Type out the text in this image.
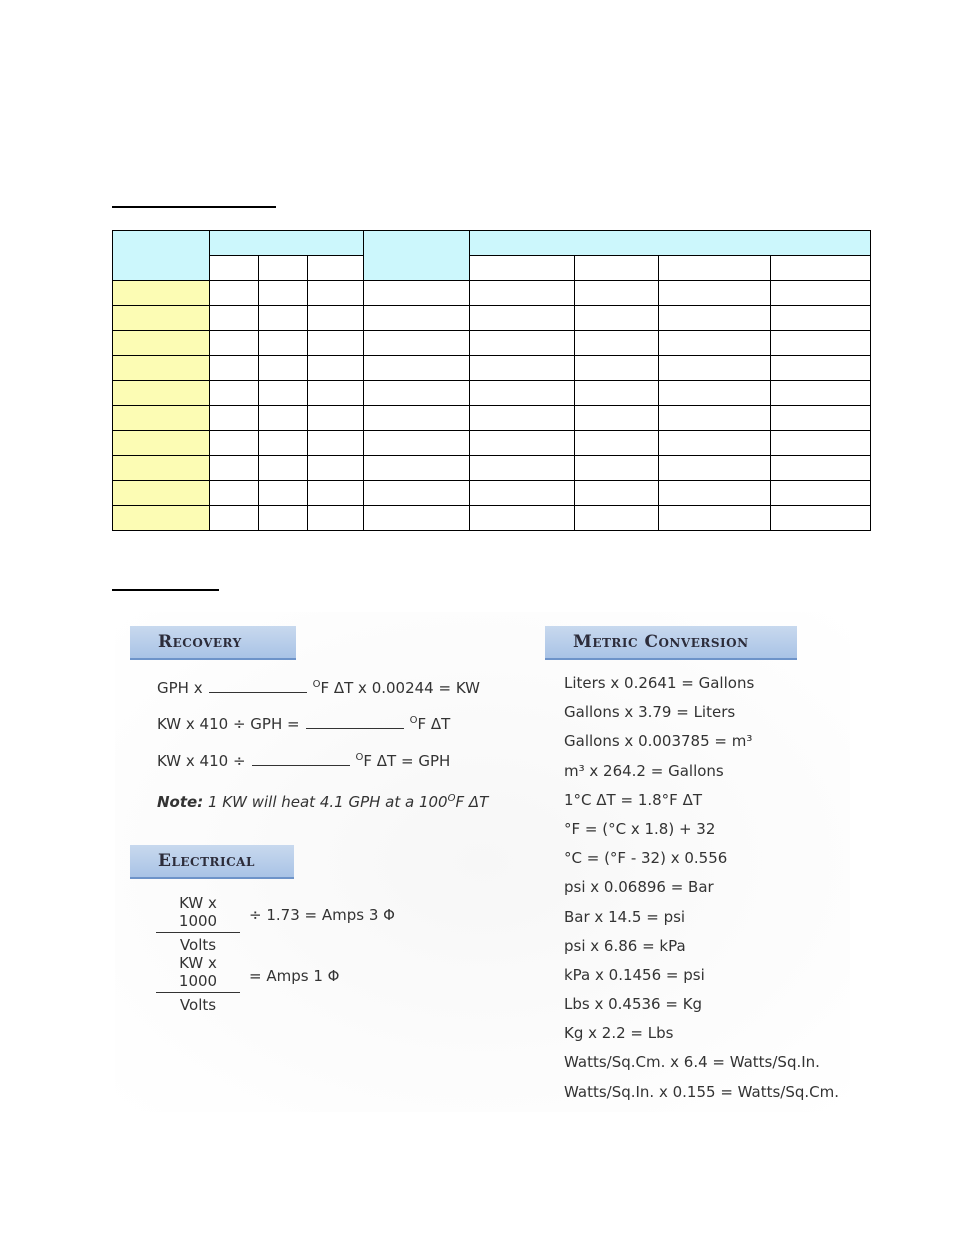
Recovery
GPH x	$^O$F ΔT x 0.00244 = KW
KW x 410 ÷ GPH =	$^O$F ΔT
KW x 410 ÷	$^O$F ΔT = GPH
Note: 1 KW will heat 4.1 GPH at a $100^OF$ ΔT
Electrical
KW x 1000
Volts
÷ 1.73 = Amps 3 Φ
KW x 1000
Volts
= Amps 1 Φ
Metric Conversion
Liters x 0.2641 = Gallons
Gallons x 3.79 = Liters
Gallons x 0.003785 = m³
m³ x 264.2 = Gallons
1°C ΔT = 1.8°F ΔT
°F = (°C x 1.8) + 32
°C = (°F - 32) x 0.556
psi x 0.06896 = Bar
Bar x 14.5 = psi
psi x 6.86 = kPa
kPa x 0.1456 = psi
Lbs x 0.4536 = Kg
Kg x 2.2 = Lbs
Watts/Sq.Cm. x 6.4 = Watts/Sq.In.
Watts/Sq.In. x 0.155 = Watts/Sq.Cm.
